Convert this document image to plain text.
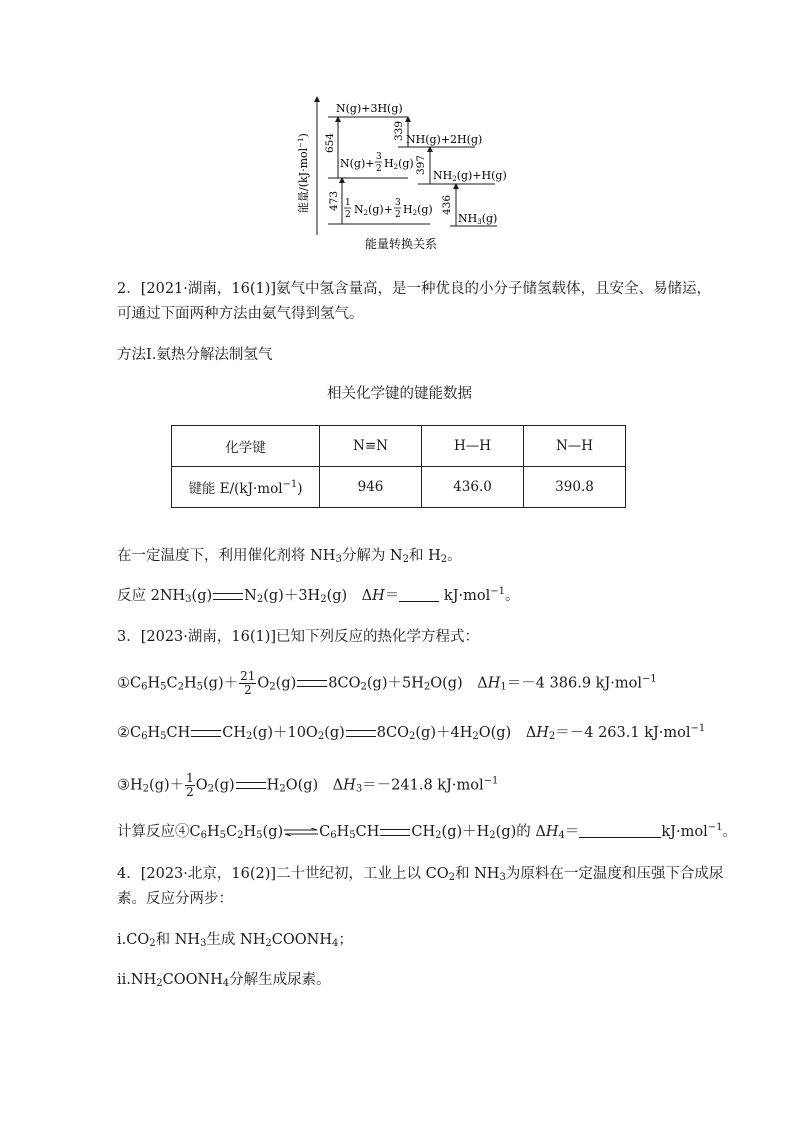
能量/(kJ·mol$^{-1}$) 654
473
339
397
436
N(g)+3H(g)
N(g)+ 3
2 H2(g)
1
2 N2(g)+ 3
2 H2(g)
NH(g)+2H(g)
NH2(g)+H(g)
NH3(g)
能量转换关系
2．[2021·湖南，16(1)]氨气中氢含量高，是一种优良的小分子储氢载体，且安全、易储运，
可通过下面两种方法由氨气得到氢气。
方法Ⅰ.氨热分解法制氢气
相关化学键的键能数据
化学键	N≡N	H—H	N—H
键能 E/(kJ·mol$^{-1}$)	946	436.0	390.8
在一定温度下，利用催化剂将 $NH_3$分解为 $N_2$和 $H_2$。
反应 $2NH_3(g)$ $N_2(g)+3H_2(g)$　ΔH＝	kJ·mol$^{-1}$。
3．[2023·湖南，16(1)]已知下列反应的热化学方程式：
$①C_6H_5C_2H_5(g)+ \frac{21}{2} O_2(g)$ $8CO_2(g)+5H_2O(g)$　$\Delta H_1=-4$ 386.9 kJ·mol$^{-1}$
$②C_6H_5CH$ $CH_2(g)+10O_2(g)$ $8CO_2(g)+4H_2O(g)$　$\Delta H_2=-4$ 263.1 kJ·mol$^{-1}$
$③H_2(g)+ \frac{1}{2} O_2(g)$ $H_2O(g)$　$\Delta H_3=-241.8$ kJ·mol$^{-1}$
计算反应$④C_6H_5C_2H_5(g)\rightleftharpoons C_6H_5CH$ $CH_2(g)+H_2(g)$的 $\Delta H_4=$	kJ·mol$^{-1}$。
4．[2023·北京，16(2)]二十世纪初，工业上以 $CO_2$和 $NH_3$为原料在一定温度和压强下合成尿
素。反应分两步：
$ⅰ.CO_2$和 $NH_3$生成 $NH_2COONH_4$；
$ⅱ.NH_2COONH_4$分解生成尿素。
